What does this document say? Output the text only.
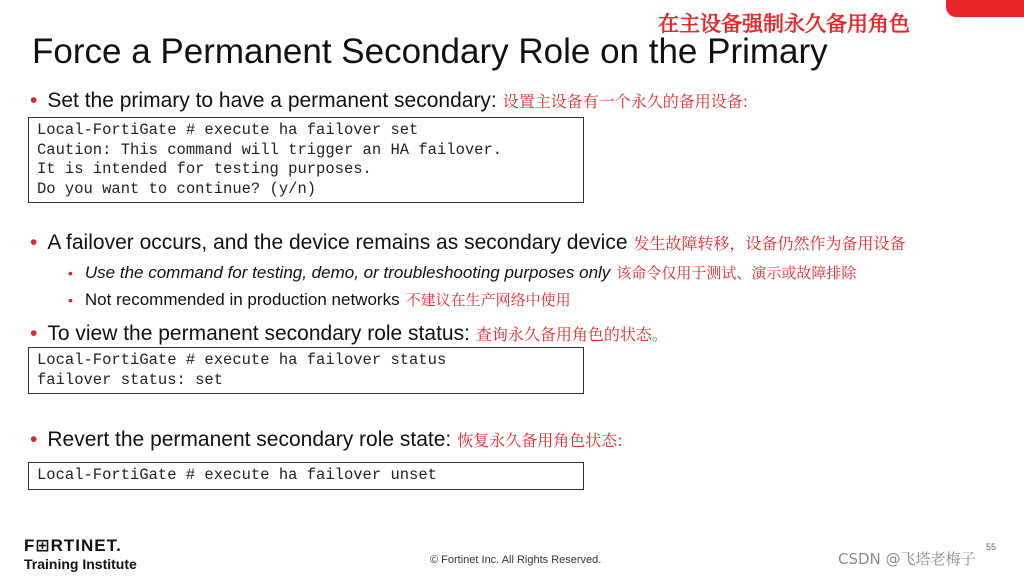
在主设备强制永久备用角色
Force a Permanent Secondary Role on the Primary
• Set the primary to have a permanent secondary: 设置主设备有一个永久的备用设备:
Local-FortiGate # execute ha failover set
Caution: This command will trigger an HA failover.
It is intended for testing purposes.
Do you want to continue? (y/n)
• A failover occurs, and the device remains as secondary device 发生故障转移，设备仍然作为备用设备
• Use the command for testing, demo, or troubleshooting purposes only 该命令仅用于测试、演示或故障排除
• Not recommended in production networks 不建议在生产网络中使用
• To view the permanent secondary role status: 查询永久备用角色的状态。
Local-FortiGate # execute ha failover status
failover status: set
• Revert the permanent secondary role state: 恢复永久备用角色状态:
Local-FortiGate # execute ha failover unset
F⊞RTINET.
Training Institute	© Fortinet Inc. All Rights Reserved.
55
CSDN @飞塔老梅子
